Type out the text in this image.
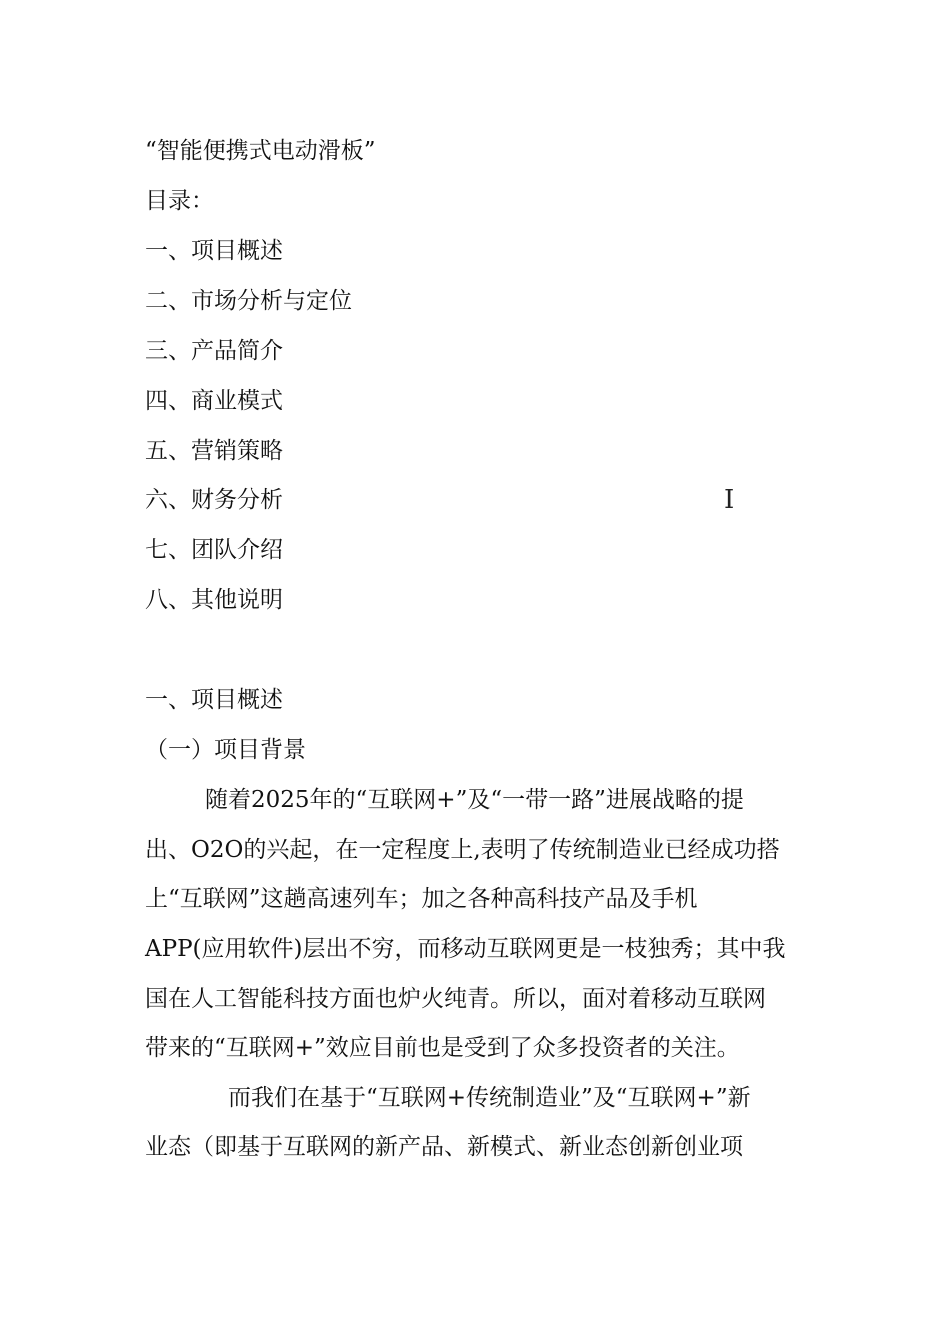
“智能便携式电动滑板”
目录：
一、项目概述
二、市场分析与定位
三、产品简介
四、商业模式
五、营销策略
六、财务分析
七、团队介绍
八、其他说明
I
一、项目概述
（一）项目背景
随着2025年的“互联网+”及“一带一路”进展战略的提
出、O2O的兴起，在一定程度上,表明了传统制造业已经成功搭
上“互联网”这趟高速列车；加之各种高科技产品及手机
APP(应用软件)层出不穷，而移动互联网更是一枝独秀；其中我
国在人工智能科技方面也炉火纯青。所以，面对着移动互联网
带来的“互联网+”效应目前也是受到了众多投资者的关注。
而我们在基于“互联网+传统制造业”及“互联网+”新
业态（即基于互联网的新产品、新模式、新业态创新创业项
